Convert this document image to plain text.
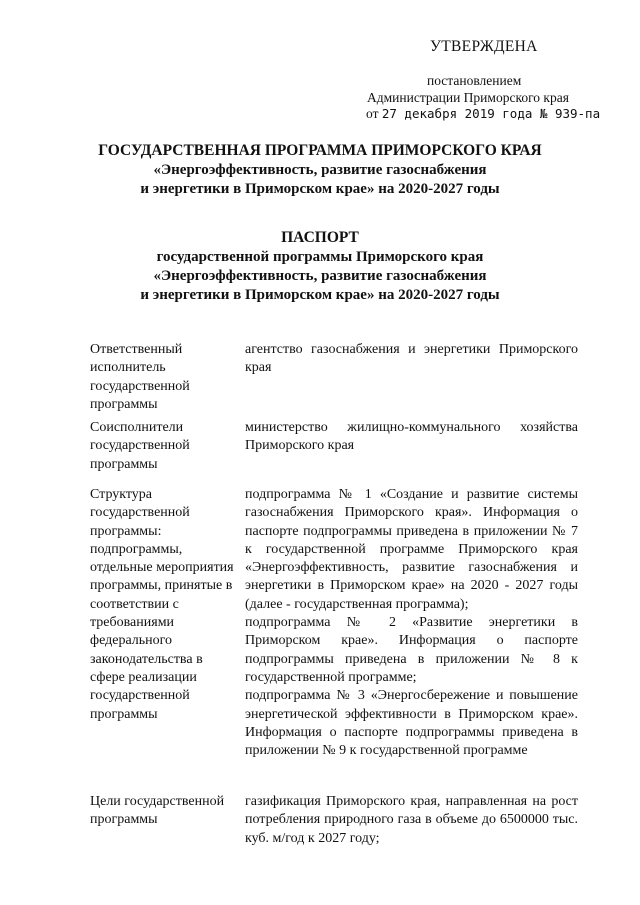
УТВЕРЖДЕНА
постановлением
Администрации Приморского края
от 27 декабря 2019 года № 939-па
ГОСУДАРСТВЕННАЯ ПРОГРАММА ПРИМОРСКОГО КРАЯ
«Энергоэффективность, развитие газоснабжения
и энергетики в Приморском крае» на 2020-2027 годы
ПАСПОРТ
государственной программы Приморского края
«Энергоэффективность, развитие газоснабжения
и энергетики в Приморском крае» на 2020-2027 годы
Ответственный исполнитель государственной программы
агентство газоснабжения и энергетики Приморского края
Соисполнители государственной программы
министерство жилищно-коммунального хозяйства Приморского края
Структура государственной программы: подпрограммы, отдельные мероприятия программы, принятые в соответствии с требованиями федерального законодательства в сфере реализации государственной программы

подпрограмма № 1 «Создание и развитие системы газоснабжения Приморского края». Информация о паспорте подпрограммы приведена в приложении № 7 к государственной программе Приморского края «Энергоэффективность, развитие газоснабжения и энергетики в Приморском крае» на 2020 - 2027 годы (далее - государственная программа);

подпрограмма № 2 «Развитие энергетики в Приморском крае». Информация о паспорте подпрограммы приведена в приложении № 8 к государственной программе;

подпрограмма № 3 «Энергосбережение и повышение энергетической эффективности в Приморском крае». Информация о паспорте подпрограммы приведена в приложении № 9 к государственной программе

Цели государственной программы
газификация Приморского края, направленная на рост потребления природного газа в объеме до 6500000 тыс. куб. м/год к 2027 году;
